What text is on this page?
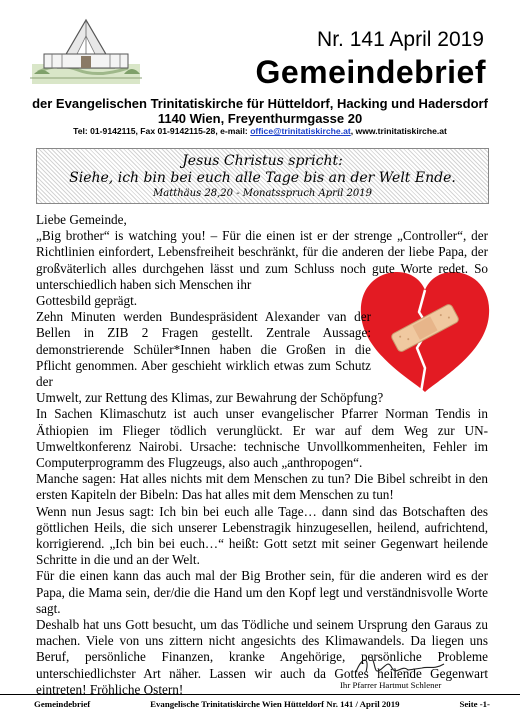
Nr. 141 April 2019
Gemeindebrief
der Evangelischen Trinitatiskirche für Hütteldorf, Hacking und Hadersdorf
1140 Wien, Freyenthurmgasse 20
Tel: 01-9142115, Fax 01-9142115-28, e-mail: office@trinitatiskirche.at, www.trinitatiskirche.at
Jesus Christus spricht:
Siehe, ich bin bei euch alle Tage bis an der Welt Ende.
Matthäus 28,20 - Monatsspruch April 2019

Liebe Gemeinde,

„Big brother“ is watching you! – Für die einen ist er der strenge „Controller“, der Richtlinien einfordert, Lebensfreiheit beschränkt, für die anderen der liebe Papa, der großväterlich alles durchgehen lässt und zum Schluss noch gute Worte redet. So unterschiedlich haben sich Menschen ihr

Gottesbild geprägt.

Zehn Minuten werden Bundespräsident Alexander van der Bellen in ZIB 2 Fragen gestellt. Zentrale Aussage: demonstrierende Schüler*Innen haben die Großen in die Pflicht genommen. Aber geschieht wirklich etwas zum Schutz der

Umwelt, zur Rettung des Klimas, zur Bewahrung der Schöpfung?

In Sachen Klimaschutz ist auch unser evangelischer Pfarrer Norman Tendis in Äthiopien im Flieger tödlich verunglückt. Er war auf dem Weg zur UN-Umweltkonferenz Nairobi. Ursache: technische Unvollkommenheiten, Fehler im Computerprogramm des Flugzeugs, also auch „anthropogen“.

Manche sagen: Hat alles nichts mit dem Menschen zu tun? Die Bibel schreibt in den ersten Kapiteln der Bibeln: Das hat alles mit dem Menschen zu tun!

Wenn nun Jesus sagt: Ich bin bei euch alle Tage… dann sind das Botschaften des göttlichen Heils, die sich unserer Lebenstragik hinzugesellen, heilend, aufrichtend, korrigierend. „Ich bin bei euch…“ heißt: Gott setzt mit seiner Gegenwart heilende Schritte in die und an der Welt.

Für die einen kann das auch mal der Big Brother sein, für die anderen wird es der Papa, die Mama sein, der/die die Hand um den Kopf legt und verständnisvolle Worte sagt.

Deshalb hat uns Gott besucht, um das Tödliche und seinem Ursprung den Garaus zu machen. Viele von uns zittern nicht angesichts des Klimawandels. Da liegen uns Beruf, persönliche Finanzen, kranke Angehörige, persönliche Probleme unterschiedlichster Art näher. Lassen wir auch da Gottes heilende Gegenwart eintreten! Fröhliche Ostern!	Ihr Pfarrer Hartmut Schlener
Gemeindebrief	Evangelische Trinitatiskirche Wien Hütteldorf Nr. 141 / April 2019	Seite -1-
